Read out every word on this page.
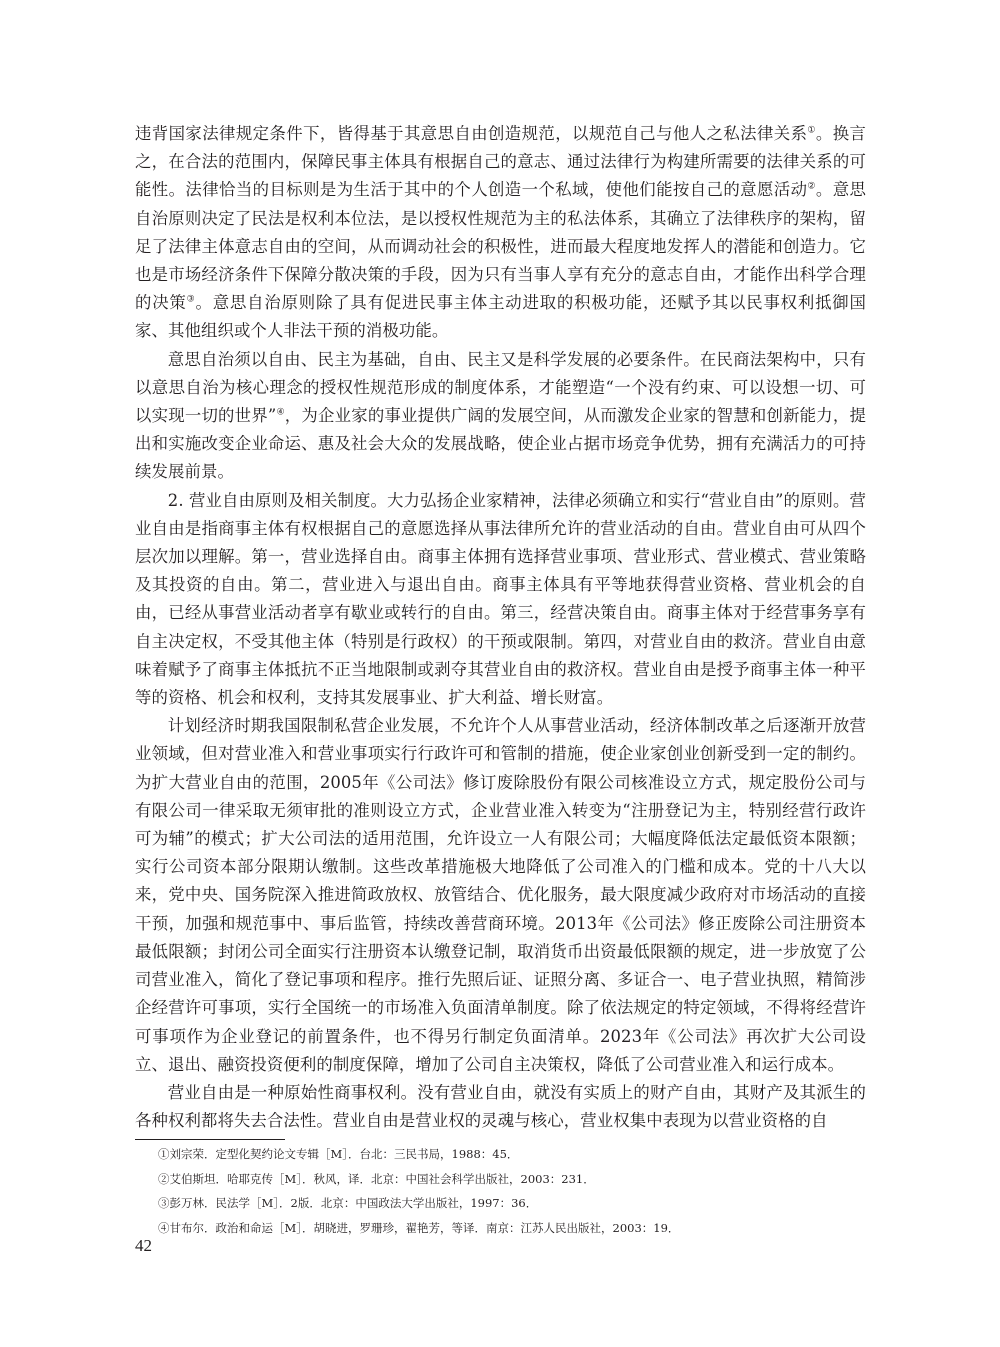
违背国家法律规定条件下，皆得基于其意思自由创造规范，以规范自己与他人之私法律关系①。换言之，在合法的范围内，保障民事主体具有根据自己的意志、通过法律行为构建所需要的法律关系的可能性。法律恰当的目标则是为生活于其中的个人创造一个私域，使他们能按自己的意愿活动②。意思自治原则决定了民法是权利本位法，是以授权性规范为主的私法体系，其确立了法律秩序的架构，留足了法律主体意志自由的空间，从而调动社会的积极性，进而最大程度地发挥人的潜能和创造力。它也是市场经济条件下保障分散决策的手段，因为只有当事人享有充分的意志自由，才能作出科学合理的决策③。意思自治原则除了具有促进民事主体主动进取的积极功能，还赋予其以民事权利抵御国家、其他组织或个人非法干预的消极功能。

意思自治须以自由、民主为基础，自由、民主又是科学发展的必要条件。在民商法架构中，只有以意思自治为核心理念的授权性规范形成的制度体系，才能塑造“一个没有约束、可以设想一切、可以实现一切的世界”④，为企业家的事业提供广阔的发展空间，从而激发企业家的智慧和创新能力，提出和实施改变企业命运、惠及社会大众的发展战略，使企业占据市场竞争优势，拥有充满活力的可持续发展前景。

2. 营业自由原则及相关制度。大力弘扬企业家精神，法律必须确立和实行“营业自由”的原则。营业自由是指商事主体有权根据自己的意愿选择从事法律所允许的营业活动的自由。营业自由可从四个层次加以理解。第一，营业选择自由。商事主体拥有选择营业事项、营业形式、营业模式、营业策略及其投资的自由。第二，营业进入与退出自由。商事主体具有平等地获得营业资格、营业机会的自由，已经从事营业活动者享有歇业或转行的自由。第三，经营决策自由。商事主体对于经营事务享有自主决定权，不受其他主体（特别是行政权）的干预或限制。第四，对营业自由的救济。营业自由意味着赋予了商事主体抵抗不正当地限制或剥夺其营业自由的救济权。营业自由是授予商事主体一种平等的资格、机会和权利，支持其发展事业、扩大利益、增长财富。

计划经济时期我国限制私营企业发展，不允许个人从事营业活动，经济体制改革之后逐渐开放营业领域，但对营业准入和营业事项实行行政许可和管制的措施，使企业家创业创新受到一定的制约。为扩大营业自由的范围，2005年《公司法》修订废除股份有限公司核准设立方式，规定股份公司与有限公司一律采取无须审批的准则设立方式，企业营业准入转变为“注册登记为主，特别经营行政许可为辅”的模式；扩大公司法的适用范围，允许设立一人有限公司；大幅度降低法定最低资本限额；实行公司资本部分限期认缴制。这些改革措施极大地降低了公司准入的门槛和成本。党的十八大以来，党中央、国务院深入推进简政放权、放管结合、优化服务，最大限度减少政府对市场活动的直接干预，加强和规范事中、事后监管，持续改善营商环境。2013年《公司法》修正废除公司注册资本最低限额；封闭公司全面实行注册资本认缴登记制，取消货币出资最低限额的规定，进一步放宽了公司营业准入，简化了登记事项和程序。推行先照后证、证照分离、多证合一、电子营业执照，精简涉企经营许可事项，实行全国统一的市场准入负面清单制度。除了依法规定的特定领域，不得将经营许可事项作为企业登记的前置条件，也不得另行制定负面清单。2023年《公司法》再次扩大公司设立、退出、融资投资便利的制度保障，增加了公司自主决策权，降低了公司营业准入和运行成本。

营业自由是一种原始性商事权利。没有营业自由，就没有实质上的财产自由，其财产及其派生的各种权利都将失去合法性。营业自由是营业权的灵魂与核心，营业权集中表现为以营业资格的自

①刘宗荣．定型化契约论文专辑［M］．台北：三民书局，1988：45．

②艾伯斯坦．哈耶克传［M］．秋风，译．北京：中国社会科学出版社，2003：231．

③彭万林．民法学［M］．2版．北京：中国政法大学出版社，1997：36．

④甘布尔．政治和命运［M］．胡晓进，罗珊珍，翟艳芳，等译．南京：江苏人民出版社，2003：19．

42
